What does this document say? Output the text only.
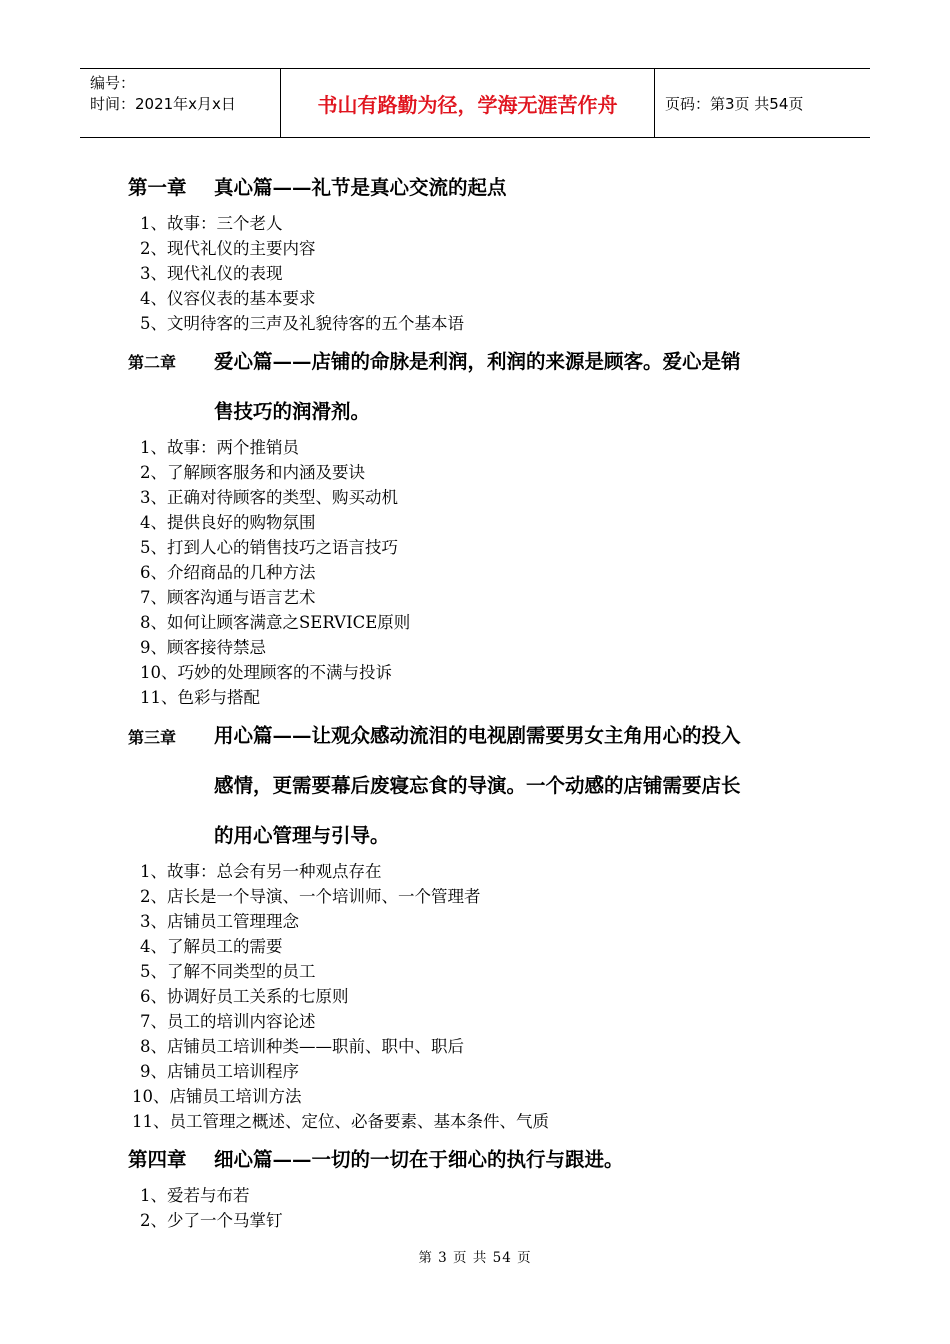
编号：
时间：2021年x月x日	书山有路勤为径，学海无涯苦作舟	页码：第3页 共54页
第一章 真心篇——礼节是真心交流的起点
1、故事：三个老人
2、现代礼仪的主要内容
3、现代礼仪的表现
4、仪容仪表的基本要求
5、文明待客的三声及礼貌待客的五个基本语
第二章 爱心篇——店铺的命脉是利润，利润的来源是顾客。爱心是销
售技巧的润滑剂。
1、故事：两个推销员
2、了解顾客服务和内涵及要诀
3、正确对待顾客的类型、购买动机
4、提供良好的购物氛围
5、打到人心的销售技巧之语言技巧
6、介绍商品的几种方法
7、顾客沟通与语言艺术
8、如何让顾客满意之SERVICE原则
9、顾客接待禁忌
10、巧妙的处理顾客的不满与投诉
11、色彩与搭配
第三章 用心篇——让观众感动流泪的电视剧需要男女主角用心的投入
感情，更需要幕后废寝忘食的导演。一个动感的店铺需要店长
的用心管理与引导。
1、故事：总会有另一种观点存在
2、店长是一个导演、一个培训师、一个管理者
3、店铺员工管理理念
4、了解员工的需要
5、了解不同类型的员工
6、协调好员工关系的七原则
7、员工的培训内容论述
8、店铺员工培训种类——职前、职中、职后
9、店铺员工培训程序
10、店铺员工培训方法
11、员工管理之概述、定位、必备要素、基本条件、气质
第四章 细心篇——一切的一切在于细心的执行与跟进。
1、爱若与布若
2、少了一个马掌钉
第 3 页 共 54 页
